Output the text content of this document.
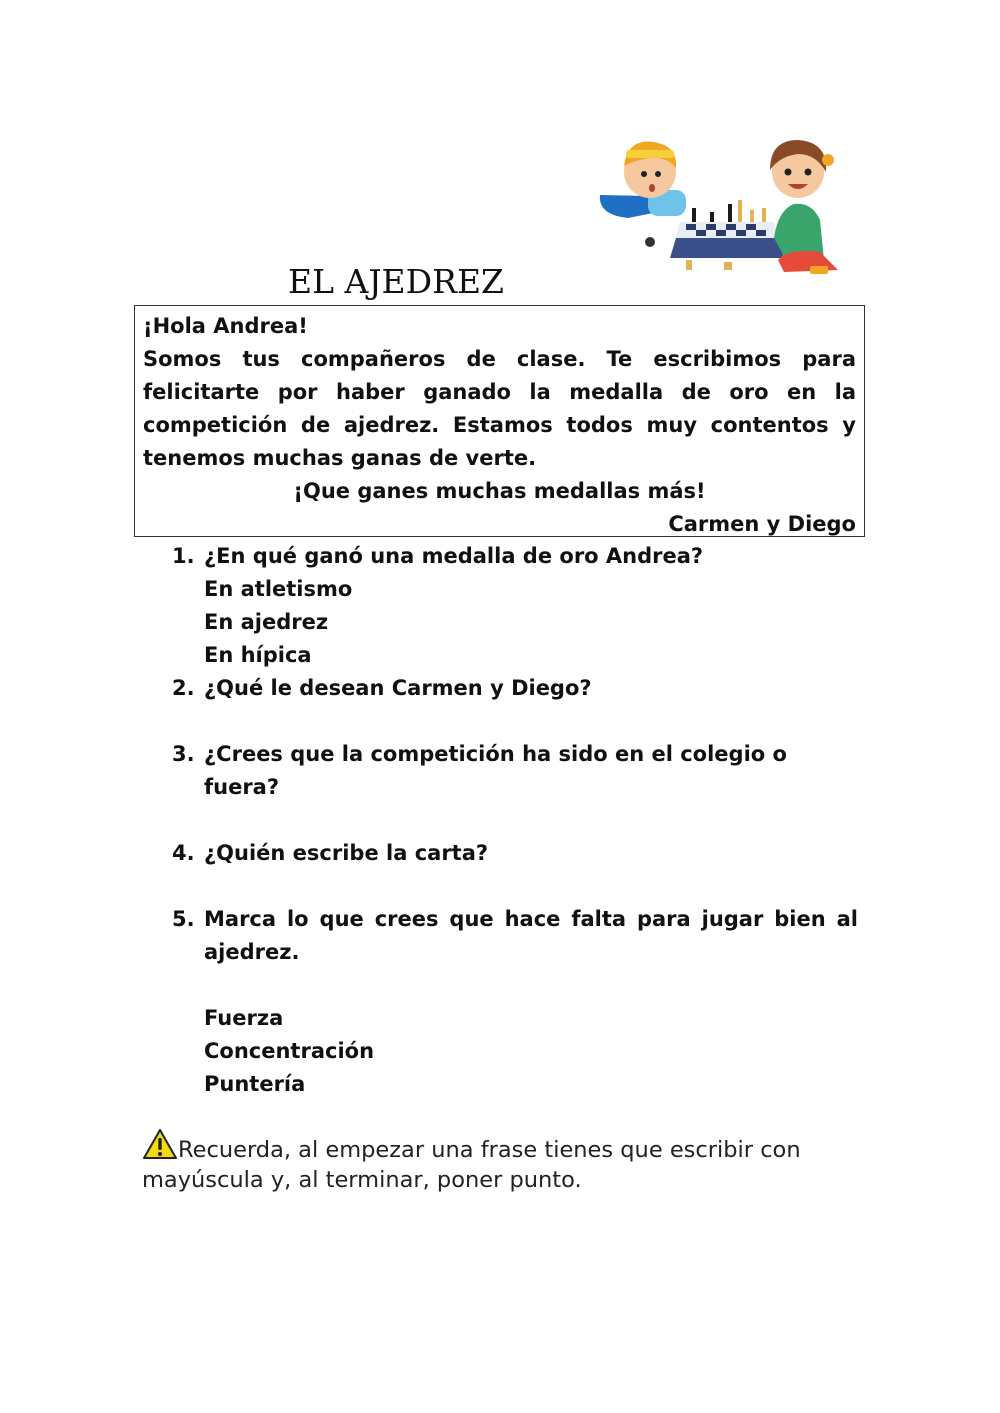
EL AJEDREZ

¡Hola Andrea!

Somos tus compañeros de clase. Te escribimos para

felicitarte por haber ganado la medalla de oro en la

competición de ajedrez. Estamos todos muy contentos y

tenemos muchas ganas de verte.

¡Que ganes muchas medallas más!

Carmen y Diego

1. ¿En qué ganó una medalla de oro Andrea?
En atletismo
En ajedrez
En hípica
2. ¿Qué le desean Carmen y Diego?
3. ¿Crees que la competición ha sido en el colegio o fuera?
4. ¿Quién escribe la carta?
5. Marca lo que crees que hace falta para jugar bien al ajedrez.
Fuerza
Concentración
Puntería
Recuerda, al empezar una frase tienes que escribir con mayúscula y, al terminar, poner punto.
